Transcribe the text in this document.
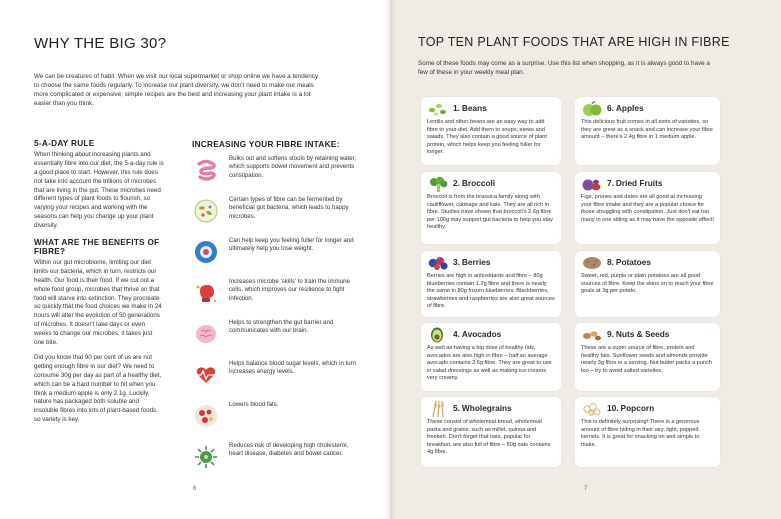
WHY THE BIG 30?
We can be creatures of habit. When we visit our local supermarket or shop online we have a tendency to choose the same foods regularly. To increase our plant diversity, we don't need to make our meals more complicated or expensive; simple recipes are the best and increasing your plant intake is a lot easier than you think.
5-A-DAY RULE

When thinking about increasing plants and essentially fibre into our diet, the 5-a-day rule is a good place to start. However, this rule does not take into account the trillions of microbes that are living in the gut. These microbes need different types of plant foods to flourish, so varying your recipes and working with the seasons can help you change up your plant diversity.

WHAT ARE THE BENEFITS OF FIBRE?

Within our gut microbiome, limiting our diet limits our bacteria, which in turn, restricts our health. Our food is their food. If we cut out a whole food group, microbes that thrive on that food will starve into extinction. They procreate so quickly that the food choices we make in 24 hours will alter the evolution of 50 generations of microbes. It doesn't take days or even weeks to change our microbes, it takes just one bite.

Did you know that 90 per cent of us are not getting enough fibre in our diet? We need to consume 30g per day as part of a healthy diet, which can be a hard number to hit when you think a medium apple is only 2.1g. Luckily, nature has packaged both soluble and insoluble fibres into lots of plant-based foods, so variety is key.

INCREASING YOUR FIBRE INTAKE:

Bulks out and softens stools by retaining water, which supports bowel movement and prevents constipation.

Certain types of fibre can be fermented by beneficial gut bacteria, which leads to happy microbes.

Can help keep you feeling fuller for longer and ultimately help you lose weight.

Increases microbe 'skills' to train the immune cells, which improves our resilience to fight infection.

Helps to strengthen the gut barrier and communicates with our brain.

Helps balance blood sugar levels, which in turn increases energy levels.

Lowers blood fats.

Reduces risk of developing high cholesterol, heart disease, diabetes and bowel cancer.

6
TOP TEN PLANT FOODS THAT ARE HIGH IN FIBRE
Some of these foods may come as a surprise. Use this list when shopping, as it is always good to have a few of these in your weekly meal plan.
1. Beans
Lentils and other beans are an easy way to add fibre to your diet. Add them to soups, stews and salads. They also contain a good source of plant protein, which helps keep you feeling fuller for longer.
6. Apples
This delicious fruit comes in all sorts of varieties, so they are great as a snack and can increase your fibre amount – there's 2.4g fibre in 1 medium apple.
2. Broccoli
Broccoli is from the brassica family along with cauliflower, cabbage and kale. They are all rich in fibre. Studies have shown that broccoli's 2.6g fibre per 100g may support gut bacteria to help you stay healthy.
7. Dried Fruits
Figs, prunes and dates are all good at increasing your fibre intake and they are a popular choice for those struggling with constipation. Just don't eat too many in one sitting as it may have the opposite effect!
3. Berries
Berries are high in antioxidants and fibre – 80g blueberries contain 1.2g fibre and there is nearly the same in 80g frozen blueberries. Blackberries, strawberries and raspberries are also great sources of fibre.
8. Potatoes
Sweet, red, purple or plain potatoes are all good sources of fibre. Keep the skins on to reach your fibre goals at 3g per potato.
4. Avocados
As well as having a big dose of healthy fats, avocados are also high in fibre – half an average avocado contains 2.6g fibre. They are great to use in salad dressings as well as making ice creams very creamy.
9. Nuts & Seeds
These are a super source of fibre, protein and healthy fats. Sunflower seeds and almonds provide nearly 3g fibre in a serving. Nut butter packs a punch too – try to avoid salted varieties.
5. Wholegrains
These consist of wholemeal bread, wholemeal pasta and grains, such as millet, quinoa and freekeh. Don't forget that oats, popular for breakfast, are also full of fibre – 50g oats contains 4g fibre.
10. Popcorn
This is definitely surprising! There is a generous amount of fibre hiding in their airy, light, popped kernels. It is great for snacking on and simple to make.
7
